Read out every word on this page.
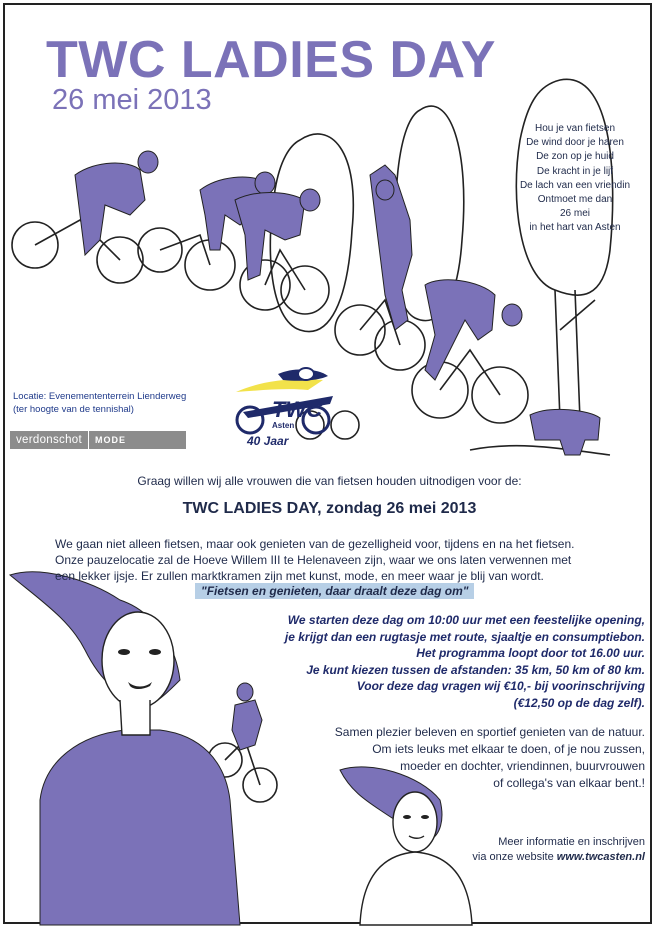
TWC LADIES DAY
26 mei 2013
Hou je van fietsen
De wind door je haren
De zon op je huid
De kracht in je lijf
De lach van een vriendin
Ontmoet me dan
26 mei
in het hart van Asten
Locatie: Evenemententerrein Lienderweg
(ter hoogte van de tennishal)
verdonschot	MODE
TWC
Asten
40 Jaar
Graag willen wij alle vrouwen die van fietsen houden uitnodigen voor de:
TWC LADIES DAY, zondag 26 mei 2013
We gaan niet alleen fietsen, maar ook genieten van de gezelligheid voor, tijdens en na het fietsen.
Onze pauzelocatie zal de Hoeve Willem III te Helenaveen zijn, waar we ons laten verwennen met
een lekker ijsje. Er zullen marktkramen zijn met kunst, mode, en meer waar je blij van wordt.
"Fietsen en genieten, daar draalt deze dag om"
We starten deze dag om 10:00 uur met een feestelijke opening,
je krijgt dan een rugtasje met route, sjaaltje en consumptiebon.
Het programma loopt door tot 16.00 uur.
Je kunt kiezen tussen de afstanden: 35 km, 50 km of 80 km.
Voor deze dag vragen wij €10,- bij voorinschrijving
(€12,50 op de dag zelf).
Samen plezier beleven en sportief genieten van de natuur.
Om iets leuks met elkaar te doen, of je nou zussen,
moeder en dochter, vriendinnen, buurvrouwen
of collega's van elkaar bent.!
Meer informatie en inschrijven
via onze website www.twcasten.nl
